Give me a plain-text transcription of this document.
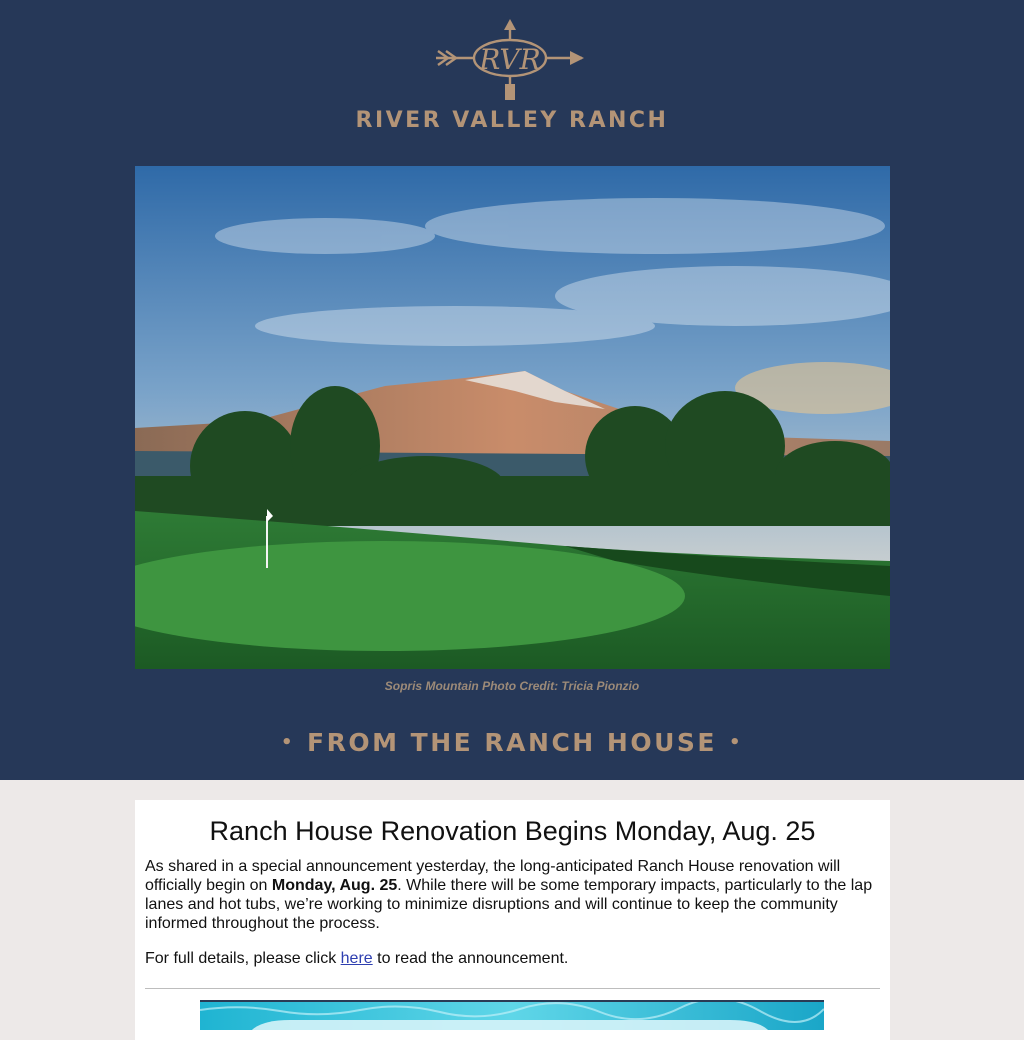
RVR
RIVER VALLEY RANCH
Sopris Mountain Photo Credit: Tricia Pionzio
• FROM THE RANCH HOUSE •
Ranch House Renovation Begins Monday, Aug. 25

As shared in a special announcement yesterday, the long-anticipated Ranch House renovation will officially begin on Monday, Aug. 25. While there will be some temporary impacts, particularly to the lap lanes and hot tubs, we’re working to minimize disruptions and will continue to keep the community informed throughout the process.

For full details, please click here to read the announcement.
